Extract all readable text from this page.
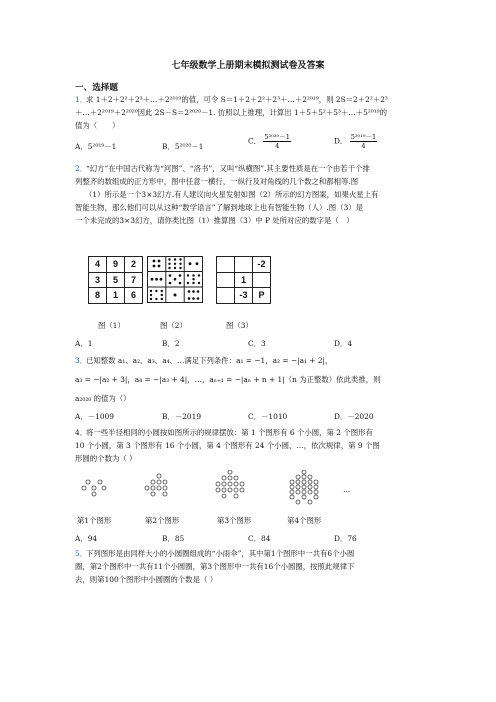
七年级数学上册期末模拟测试卷及答案
一、选择题
1．
求 1＋2＋2²＋2³＋…＋2²⁰¹⁹的值，可令 S＝1＋2＋2²＋2³＋…＋2²⁰¹⁹，则 2S＝2＋2²＋2³
＋…＋2²⁰¹⁹＋2²⁰²⁰因此 2S－S＝2²⁰²⁰－1. 仿照以上推理，计算出 1＋5＋5²＋5³＋…＋5²⁰¹⁹的
值为（　　）
A．5²⁰¹⁹－1	B．5²⁰²⁰－1
C． $\frac{\text{5²⁰²⁰－1}}{4}$	D． $\frac{\text{5²⁰¹⁹－1}}{4}$
2．
“幻方”在中国古代称为“河图”、“洛书”，又叫“纵横图”.其主要性质是在一个由若干个排
列整齐的数组成的正方形中，图中任意一横行，一纵行及对角线的几个数之和都相等.图
（1）所示是一个3×3幻方.有人建议向火星发射如图（2）所示的幻方图案，如果火星上有
智能生物，那么他们可以从这种“数学语言”了解到地球上也有智能生物（人）.图（3）是
一个未完成的3×3幻方，请你类比图（1）推算图（3）中 P 处所对应的数字是（　）
4	9	2
3	5	7
8	1	6
		-2
	1	
	-3	P
图（1）	图（2）	图（3）
A．1	B．2	C．3	D．4
3．
已知整数 a₁、a₂、a₃、a₄、…满足下列条件：a₁ = −1，a₂ = −|a₁ + 2|，
a₃ = −|a₂ + 3|，a₄ = −|a₃ + 4|，…，aₙ₊₁ = −|aₙ + n + 1|（n 为正整数）依此类推，则
a₂₀₂₀ 的值为（）
A．－1009	B．－2019	C．－1010	D．－2020
4．
将一些半径相同的小圆按如图所示的规律摆放：第 1 个图形有 6 个小圆，第 2 个图形有
10 个小圆，第 3 个图形有 16 个小圆，第 4 个图形有 24 个小圆，…，依次规律，第 9 个图
形圆的个数为（ ）
…
第1个图形	第2个图形	第3个图形	第4个图形
A．94	B．85	C．84	D．76
5．
下列图形是由同样大小的小圆圈组成的“小雨伞”，其中第1个图形中一共有6个小圆
圈，第2个图形中一共有11个小圆圈，第3个图形中一共有16个小圆圈，按照此规律下
去，则第100个图形中小圆圈的个数是（ ）
